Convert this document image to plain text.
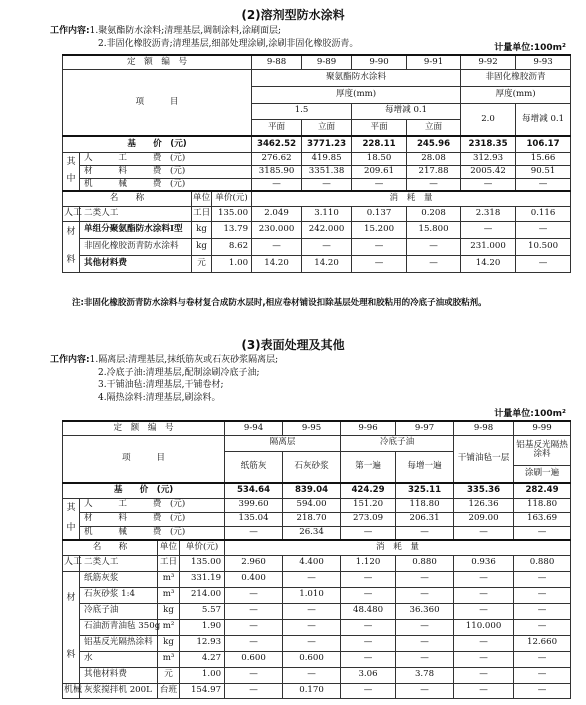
(2)溶剂型防水涂料
工作内容:1.聚氨酯防水涂料;清理基层,调制涂料,涂刷面层;
2.非固化橡胶沥青;清理基层,细部处理涂刷,涂刷非固化橡胶沥青。	计量单位:100m²
定　额　编　号				9-88	9-89	9-90	9-91	9-92	9-93
项　　　目				聚氨酯防水涂料				非固化橡胶沥青	
				厚度(mm)				厚度(mm)	
				1.5		每增减 0.1		2.0	每增减 0.1
				平面	立面	平面	立面		
基　　价　(元)				3462.52	3771.23	228.11	245.96	2318.35	106.17

其
中	人　　　工　　　费　(元)			276.62	419.85	18.50	28.08	312.93	15.66
	材　　　料　　　费　(元)			3185.90	3351.38	209.61	217.88	2005.42	90.51
	机　　　械　　　费　(元)			—	—	—	—	—	—
名　　称		单位	单价(元)	消　耗　量					
人工	二类人工	工日	135.00	2.049	3.110	0.137	0.208	2.318	0.116

材
料	单组分聚氨酯防水涂料Ⅰ型	kg	13.79	230.000	242.000	15.200	15.800	—	—
	非固化橡胶沥青防水涂料	kg	8.62	—	—	—	—	231.000	10.500
	其他材料费	元	1.00	14.20	14.20	—	—	14.20	—
注:非固化橡胶沥青防水涂料与卷材复合成防水层时,相应卷材铺设扣除基层处理和胶粘用的冷底子油或胶粘剂。
(3)表面处理及其他
工作内容:1.隔离层:清理基层,抹纸筋灰或石灰砂浆隔离层;
2.冷底子油:清理基层,配制涂刷冷底子油;
3.干铺油毡:清理基层,干铺卷材;
4.隔热涂料:清理基层,刷涂料。
计量单位:100m²
定　额　编　号				9-94	9-95	9-96	9-97	9-98	9-99
项　　　目				隔离层		冷底子油		干铺油毡一层	铝基反光隔热涂料
				纸筋灰	石灰砂浆	第一遍	每增一遍		
									涂刷一遍
基　　价　(元)				534.64	839.04	424.29	325.11	335.36	282.49

其
中	人　　　工　　　费　(元)			399.60	594.00	151.20	118.80	126.36	118.80
	材　　　料　　　费　(元)			135.04	218.70	273.09	206.31	209.00	163.69
	机　　　械　　　费　(元)			—	26.34	—	—	—	—
名　　称		单位	单价(元)	消　耗　量					
人工	二类人工	工日	135.00	2.960	4.400	1.120	0.880	0.936	0.880

材
料	纸筋灰浆	m³	331.19	0.400	—	—	—	—	—
	石灰砂浆 1:4	m³	214.00	—	1.010	—	—	—	—
	冷底子油	kg	5.57	—	—	48.480	36.360	—	—
	石油沥青油毡 350g	m²	1.90	—	—	—	—	110.000	—
	铝基反光隔热涂料	kg	12.93	—	—	—	—	—	12.660
	水	m³	4.27	0.600	0.600	—	—	—	—
	其他材料费	元	1.00	—	—	3.06	3.78	—	—
机械	灰浆搅拌机 200L	台班	154.97	—	0.170	—	—	—	—
